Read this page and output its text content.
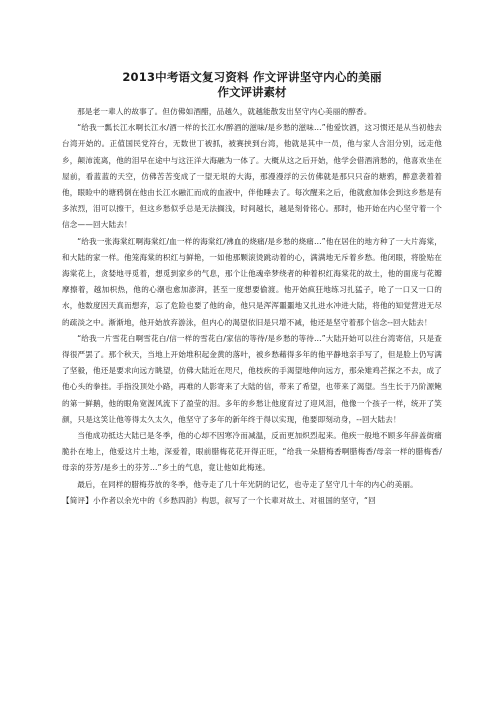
2013中考语文复习资料 作文评讲坚守内心的美丽
作文评讲素材

那是老一辈人的故事了。但仿佛如酒醋，品越久，就越能散发出坚守内心美丽的醇香。

“给我一瓢长江水啊长江水/酒一样的长江水/醉酒的滋味/是乡愁的滋味…”他爱饮酒，这习惯还是从当初他去台湾开始的。正值国民党符台，无数世丁被抓，被赛挟到台湾，他就是其中一员，他与家人含泪分别，远走他乡，颠沛流离，他的泪早在途中与这汪洋大海融为一体了。大概从这之后开始，他学会借酒消愁的，他喜欢坐在屋前，看蓝蓝的天空，仿佛苦苦变成了一望无垠的大海，那漫漫浮的云仿佛就是那只只奋的塘鸦，醉意袭着着他，眼睑中的塘鸦倒在他由长江水融汇而成的血液中，伴他睡去了。每次醒来之后，他就愈加体会到这乡愁是有多浓烈，泪可以擦干，但这乡愁似乎总是无法搁浅，时间越长，越是刻骨铭心。那时，他开始在内心坚守着一个信念——回大陆去！

“给我一张海棠红啊海棠红/血一样的海棠红/沸血的烧痛/是乡愁的烧痛…”他在居住的地方种了一大片海棠，和大陆的家一样。他笼海棠的枳红与鲜艳，一如他那颗滚烫跳动着的心，满满地无斥着乡愁。他闭眼，将脸贴在海棠花上，贪婪地寻觅着，想觅到家乡的气息，那个让他魂牵梦绕者的种着枳红海棠花的故土，他的面庞与花瓣摩擦着，越加枳热，他的心潮也愈加澎湃，甚至一度想要偷渡。他开始疯狂地练习扎猛子，呛了一口又一口的水，他数度因天真而想弃，忘了危险也要了他的命，他只是浑浑噩噩地又扎进水冲进大陆，将他的知觉营进无尽的疏淡之中。渐渐地，他开始放弃游泳，但内心的渴望依旧是只增不减，他还是坚守着那个信念--回大陆去！

“给我一片雪花白啊雪花白/信一样的雪花白/家信的等待/是乡愁的等待…”大陆开始可以往台湾寄信，只是查得很严罢了。那个秋天，当地上开始堆积起金黄的落叶，被乡愁藉得多年的他平静地亲手写了，但是脸上仍写满了坚毅，他还是要求向远方眺望，仿佛大陆近在咫尺，他枝疾的手渴望地伸向远方，那朵雉鸡芒探之不去，成了他心头的拳挂。手指没顶处小路，再难的人影寄来了大陆的信，带来了希望，也带来了渴望。当生长于乃阶源鲍的第一鲜鹅，他的眼角宽渥风流下了盈莹的泪。多年的乡愁让他度育过了迎风泪，他像一个孩子一样，统开了笑颜，只是这笑让他等得太久太久，他坚守了多年的新年终于得以实现，他要即刻动身，--回大陆去！

当他成功抵达大陆已是冬季，他的心却不因寒冷而减温，反而更加炽烈起来。他疾一般地不顾多年辞盖街痛脆扑在地上，他爱这片土地，深爱着，眼前腊梅花花开得正旺，“给我一朵腊梅香啊腊梅香/母亲一样的腊梅香/母亲的芬芳/是乡土的芬芳…”乡土的气息，竟让他如此梅迷。

最后，在同样的腊梅芬放的冬季，他寺走了几十年光阴的记忆，也寺走了坚守几十年的内心的美丽。

【简评】小作者以余光中的《乡愁四韵》构思，叙写了一个长辈对故土、对祖国的坚守，“回
